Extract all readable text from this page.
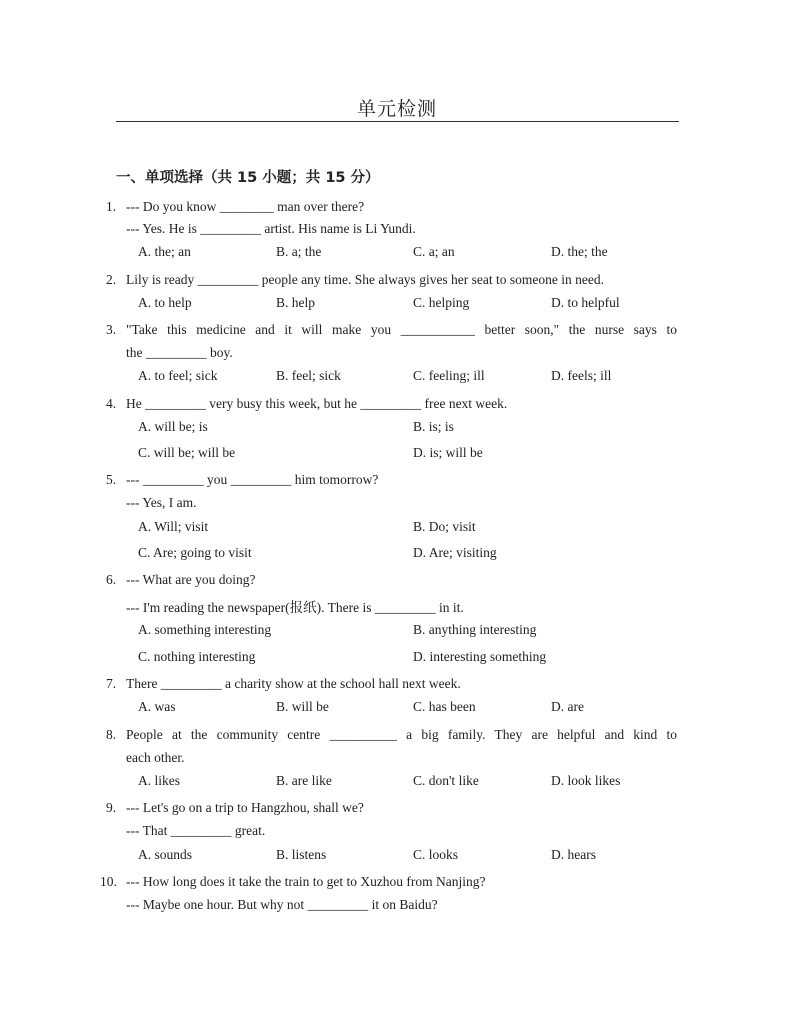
单元检测
一、单项选择（共 15 小题；共 15 分）
1. --- Do you know ________ man over there?
--- Yes. He is _________ artist. His name is Li Yundi.
A. the; an	B. a; the	C. a; an	D. the; the
2. Lily is ready _________ people any time. She always gives her seat to someone in need.
A. to help	B. help	C. helping	D. to helpful
3. "Take this medicine and it will make you ___________ better soon," the nurse says to
the _________ boy.
A. to feel; sick	B. feel; sick	C. feeling; ill	D. feels; ill
4. He _________ very busy this week, but he _________ free next week.
A. will be; is	B. is; is
C. will be; will be	D. is; will be
5. --- _________ you _________ him tomorrow?
--- Yes, I am.
A. Will; visit	B. Do; visit
C. Are; going to visit	D. Are; visiting
6. --- What are you doing?
--- I'm reading the newspaper(报纸). There is _________ in it.
A. something interesting	B. anything interesting
C. nothing interesting	D. interesting something
7. There _________ a charity show at the school hall next week.
A. was	B. will be	C. has been	D. are
8. People at the community centre __________ a big family. They are helpful and kind to
each other.
A. likes	B. are like	C. don't like	D. look likes
9. --- Let's go on a trip to Hangzhou, shall we?
--- That _________ great.
A. sounds	B. listens	C. looks	D. hears
10. --- How long does it take the train to get to Xuzhou from Nanjing?
--- Maybe one hour. But why not _________ it on Baidu?
